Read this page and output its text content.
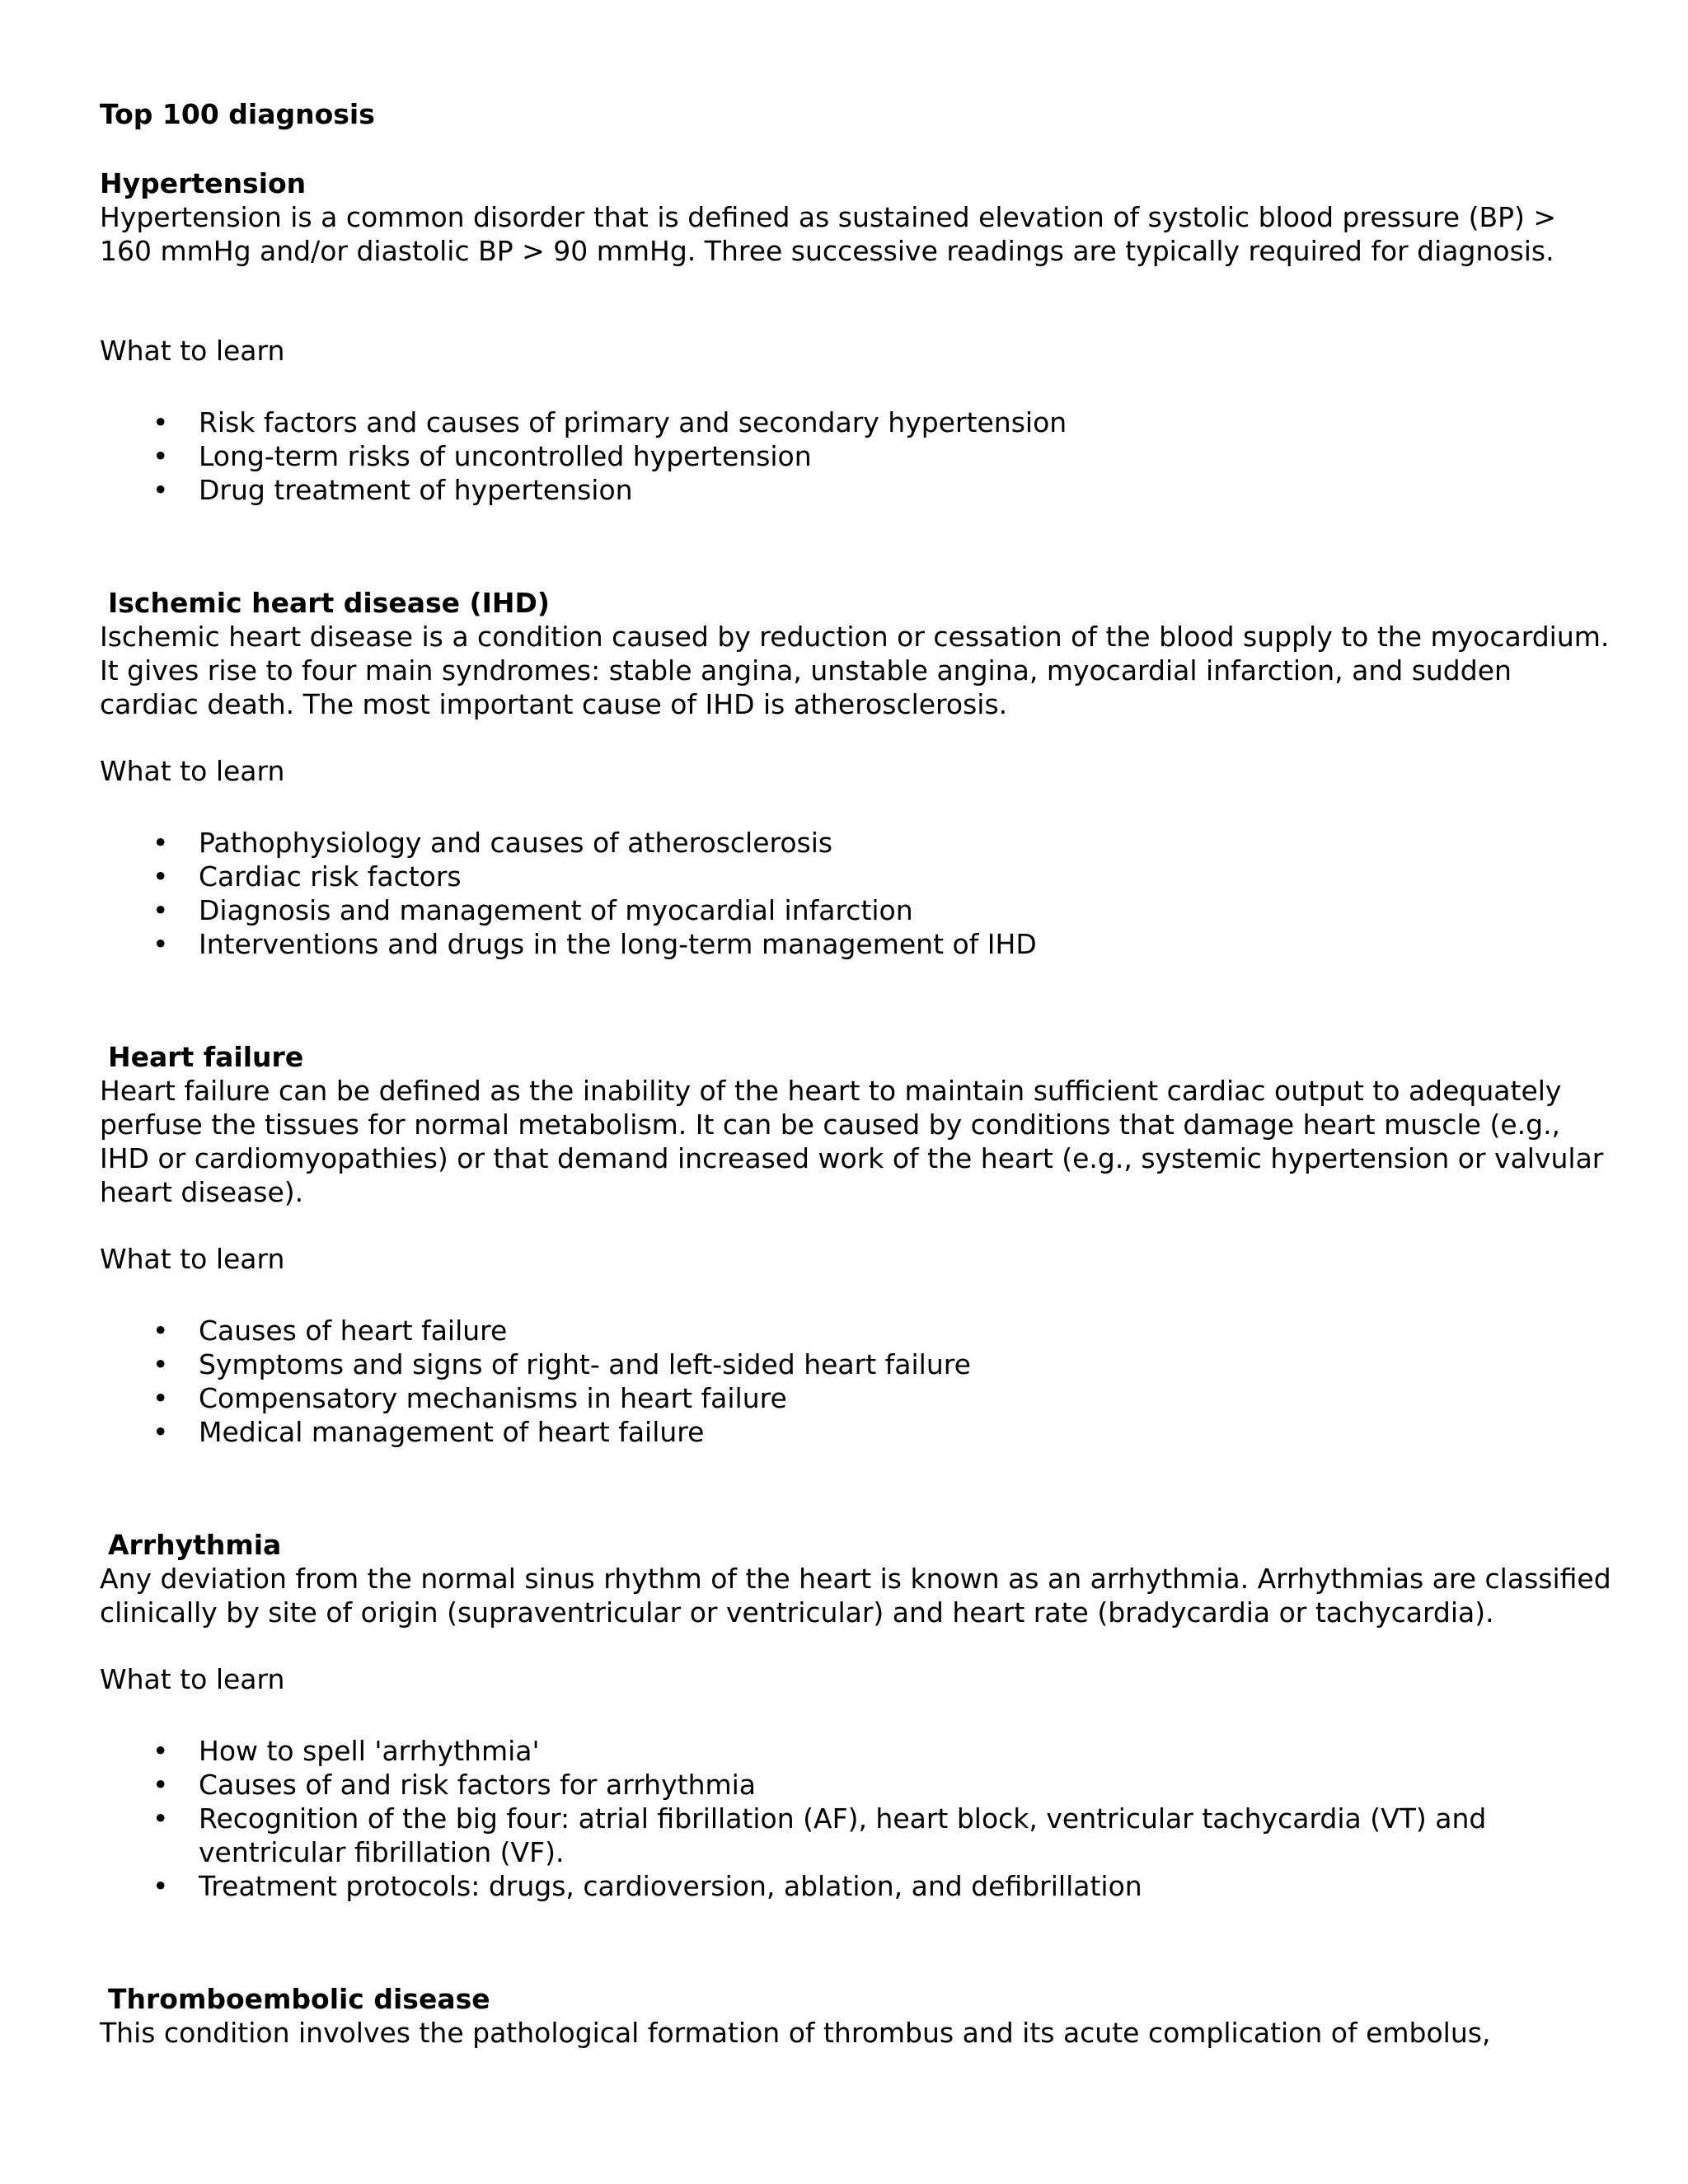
Top 100 diagnosis
Hypertension
Hypertension is a common disorder that is defined as sustained elevation of systolic blood pressure (BP) > 160 mmHg and/or diastolic BP > 90 mmHg. Three successive readings are typically required for diagnosis.
What to learn
• Risk factors and causes of primary and secondary hypertension
• Long-term risks of uncontrolled hypertension
• Drug treatment of hypertension
Ischemic heart disease (IHD)
Ischemic heart disease is a condition caused by reduction or cessation of the blood supply to the myocardium. It gives rise to four main syndromes: stable angina, unstable angina, myocardial infarction, and sudden cardiac death. The most important cause of IHD is atherosclerosis.
What to learn
• Pathophysiology and causes of atherosclerosis
• Cardiac risk factors
• Diagnosis and management of myocardial infarction
• Interventions and drugs in the long-term management of IHD
Heart failure
Heart failure can be defined as the inability of the heart to maintain sufficient cardiac output to adequately perfuse the tissues for normal metabolism. It can be caused by conditions that damage heart muscle (e.g., IHD or cardiomyopathies) or that demand increased work of the heart (e.g., systemic hypertension or valvular heart disease).
What to learn
• Causes of heart failure
• Symptoms and signs of right- and left-sided heart failure
• Compensatory mechanisms in heart failure
• Medical management of heart failure
Arrhythmia
Any deviation from the normal sinus rhythm of the heart is known as an arrhythmia. Arrhythmias are classified clinically by site of origin (supraventricular or ventricular) and heart rate (bradycardia or tachycardia).
What to learn
• How to spell 'arrhythmia'
• Causes of and risk factors for arrhythmia
• Recognition of the big four: atrial fibrillation (AF), heart block, ventricular tachycardia (VT) and ventricular fibrillation (VF).
• Treatment protocols: drugs, cardioversion, ablation, and defibrillation
Thromboembolic disease
This condition involves the pathological formation of thrombus and its acute complication of embolus,
